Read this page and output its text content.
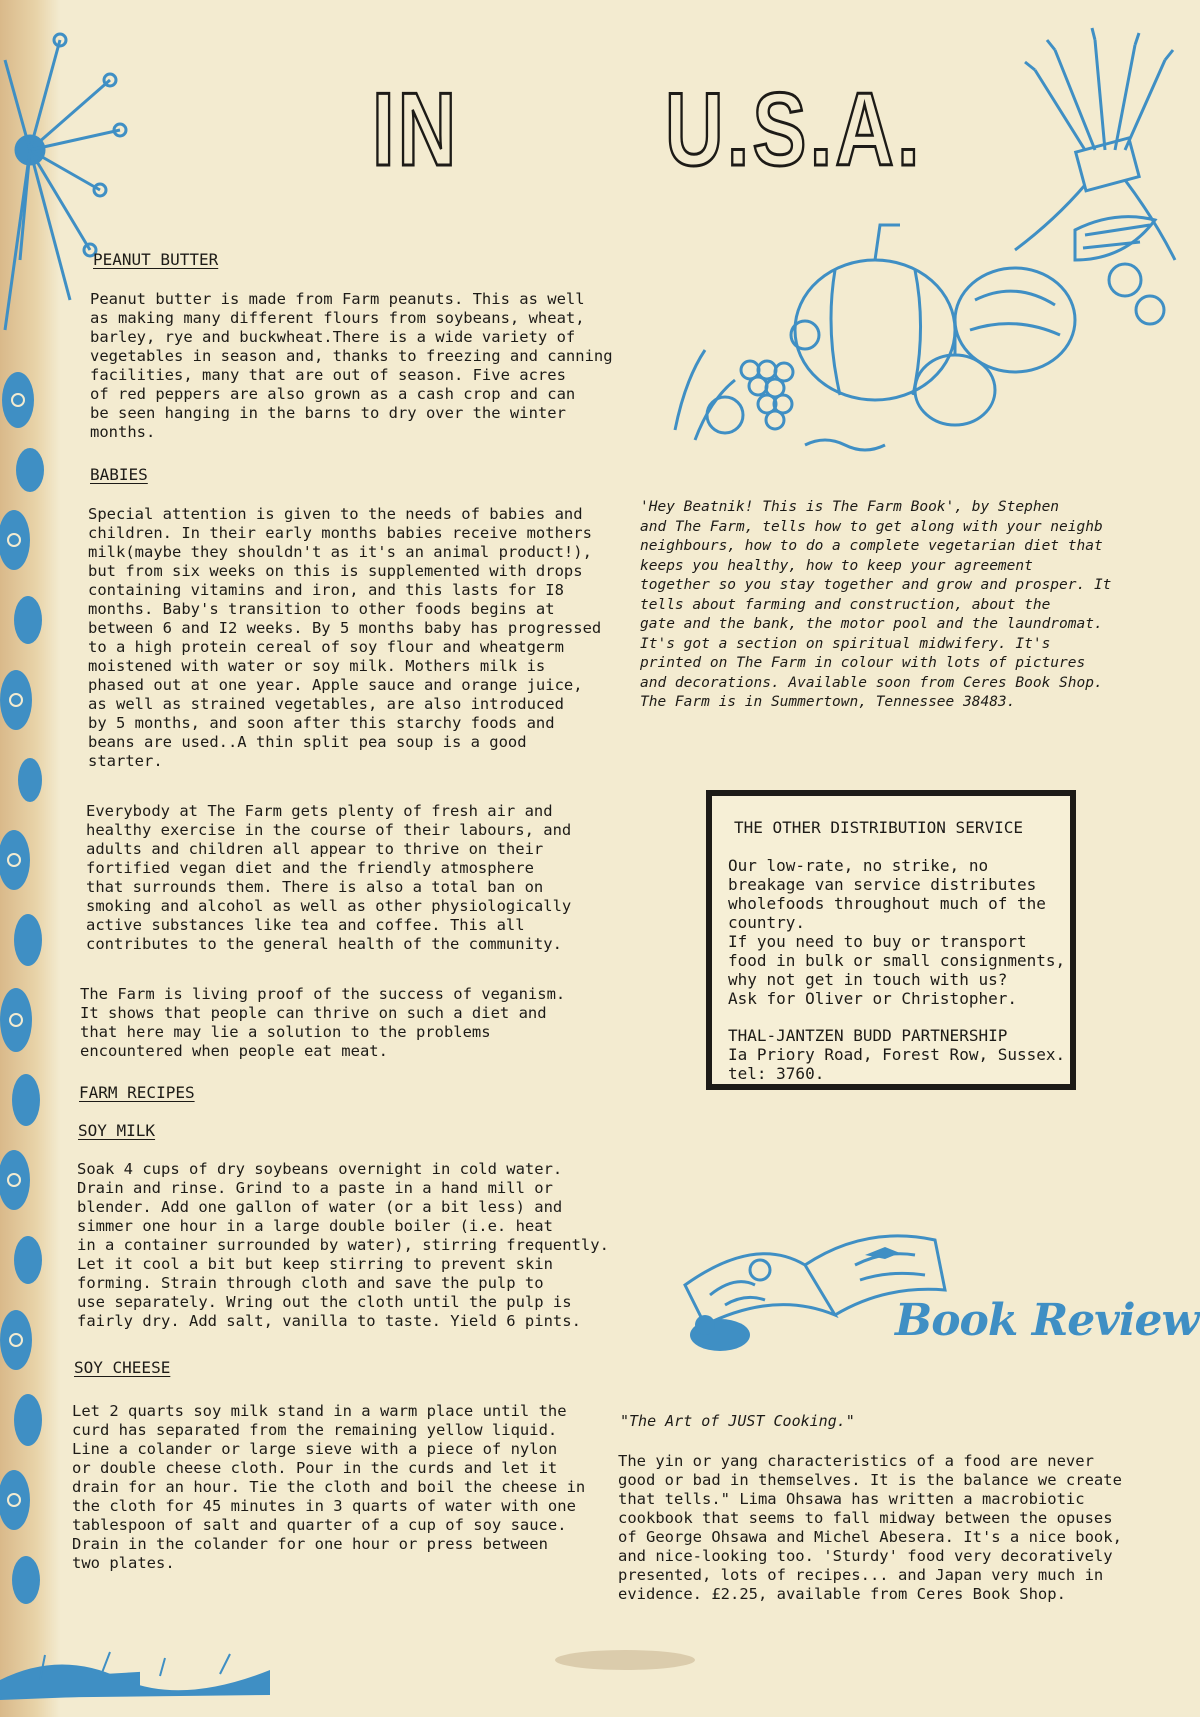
IN U.S.A.
PEANUT BUTTER
Peanut butter is made from Farm peanuts. This as well
as making many different flours from soybeans, wheat,
barley, rye and buckwheat.There is a wide variety of
vegetables in season and, thanks to freezing and canning
facilities, many that are out of season. Five acres
of red peppers are also grown as a cash crop and can
be seen hanging in the barns to dry over the winter
months.
BABIES
Special attention is given to the needs of babies and
children. In their early months babies receive mothers
milk(maybe they shouldn't as it's an animal product!),
but from six weeks on this is supplemented with drops
containing vitamins and iron, and this lasts for I8
months. Baby's transition to other foods begins at
between 6 and I2 weeks. By 5 months baby has progressed
to a high protein cereal of soy flour and wheatgerm
moistened with water or soy milk. Mothers milk is
phased out at one year. Apple sauce and orange juice,
as well as strained vegetables, are also introduced
by 5 months, and soon after this starchy foods and
beans are used..A thin split pea soup is a good
starter.
Everybody at The Farm gets plenty of fresh air and
healthy exercise in the course of their labours, and
adults and children all appear to thrive on their
fortified vegan diet and the friendly atmosphere
that surrounds them. There is also a total ban on
smoking and alcohol as well as other physiologically
active substances like tea and coffee. This all
contributes to the general health of the community.
The Farm is living proof of the success of veganism.
It shows that people can thrive on such a diet and
that here may lie a solution to the problems
encountered when people eat meat.
FARM RECIPES
SOY MILK
Soak 4 cups of dry soybeans overnight in cold water.
Drain and rinse. Grind to a paste in a hand mill or
blender. Add one gallon of water (or a bit less) and
simmer one hour in a large double boiler (i.e. heat
in a container surrounded by water), stirring frequently.
Let it cool a bit but keep stirring to prevent skin
forming. Strain through cloth and save the pulp to
use separately. Wring out the cloth until the pulp is
fairly dry. Add salt, vanilla to taste. Yield 6 pints.
SOY CHEESE
Let 2 quarts soy milk stand in a warm place until the
curd has separated from the remaining yellow liquid.
Line a colander or large sieve with a piece of nylon
or double cheese cloth. Pour in the curds and let it
drain for an hour. Tie the cloth and boil the cheese in
the cloth for 45 minutes in 3 quarts of water with one
tablespoon of salt and quarter of a cup of soy sauce.
Drain in the colander for one hour or press between
two plates.
'Hey Beatnik! This is The Farm Book', by Stephen
and The Farm, tells how to get along with your neighb
neighbours, how to do a complete vegetarian diet that
keeps you healthy, how to keep your agreement
together so you stay together and grow and prosper. It
tells about farming and construction, about the
gate and the bank, the motor pool and the laundromat.
It's got a section on spiritual midwifery. It's
printed on The Farm in colour with lots of pictures
and decorations. Available soon from Ceres Book Shop.
The Farm is in Summertown, Tennessee 38483.
THE OTHER DISTRIBUTION SERVICE
Our low-rate, no strike, no
breakage van service distributes
wholefoods throughout much of the
country.
If you need to buy or transport
food in bulk or small consignments,
why not get in touch with us?
Ask for Oliver or Christopher.
THAL-JANTZEN BUDD PARTNERSHIP
Ia Priory Road, Forest Row, Sussex.
tel: 3760.
Book Review
"The Art of JUST Cooking."
The yin or yang characteristics of a food are never
good or bad in themselves. It is the balance we create
that tells." Lima Ohsawa has written a macrobiotic
cookbook that seems to fall midway between the opuses
of George Ohsawa and Michel Abesera. It's a nice book,
and nice-looking too. 'Sturdy' food very decoratively
presented, lots of recipes... and Japan very much in
evidence. £2.25, available from Ceres Book Shop.
